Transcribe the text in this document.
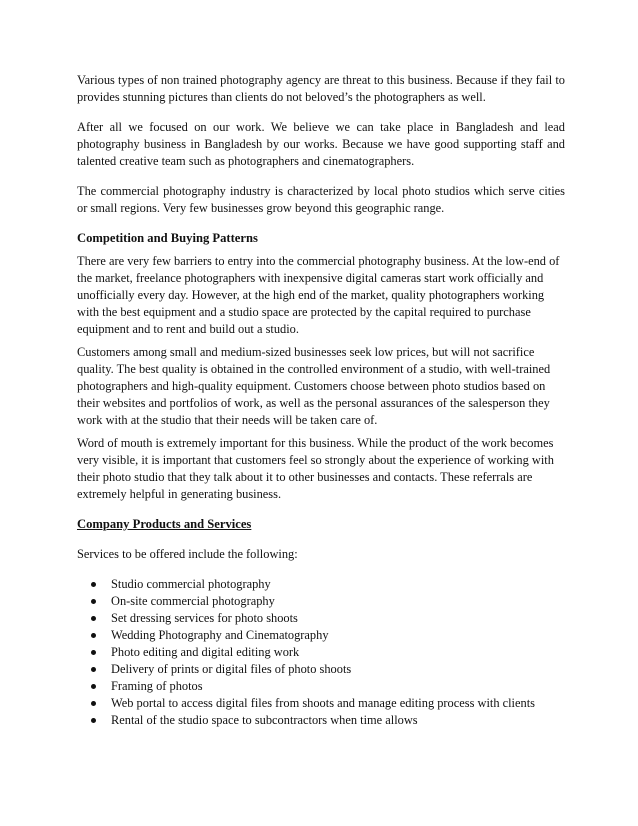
Various types of non trained photography agency are threat to this business. Because if they fail to provides stunning pictures than clients do not beloved’s the photographers as well.

After all we focused on our work. We believe we can take place in Bangladesh and lead photography business in Bangladesh by our works. Because we have good supporting staff and talented creative team such as photographers and cinematographers.

The commercial photography industry is characterized by local photo studios which serve cities or small regions. Very few businesses grow beyond this geographic range.

Competition and Buying Patterns

There are very few barriers to entry into the commercial photography business. At the low-end of the market, freelance photographers with inexpensive digital cameras start work officially and unofficially every day. However, at the high end of the market, quality photographers working with the best equipment and a studio space are protected by the capital required to purchase equipment and to rent and build out a studio.

Customers among small and medium-sized businesses seek low prices, but will not sacrifice quality. The best quality is obtained in the controlled environment of a studio, with well-trained photographers and high-quality equipment. Customers choose between photo studios based on their websites and portfolios of work, as well as the personal assurances of the salesperson they work with at the studio that their needs will be taken care of.

Word of mouth is extremely important for this business. While the product of the work becomes very visible, it is important that customers feel so strongly about the experience of working with their photo studio that they talk about it to other businesses and contacts. These referrals are extremely helpful in generating business.

Company Products and Services

Services to be offered include the following:

Studio commercial photography
On-site commercial photography
Set dressing services for photo shoots
Wedding Photography and Cinematography
Photo editing and digital editing work
Delivery of prints or digital files of photo shoots
Framing of photos
Web portal to access digital files from shoots and manage editing process with clients
Rental of the studio space to subcontractors when time allows
